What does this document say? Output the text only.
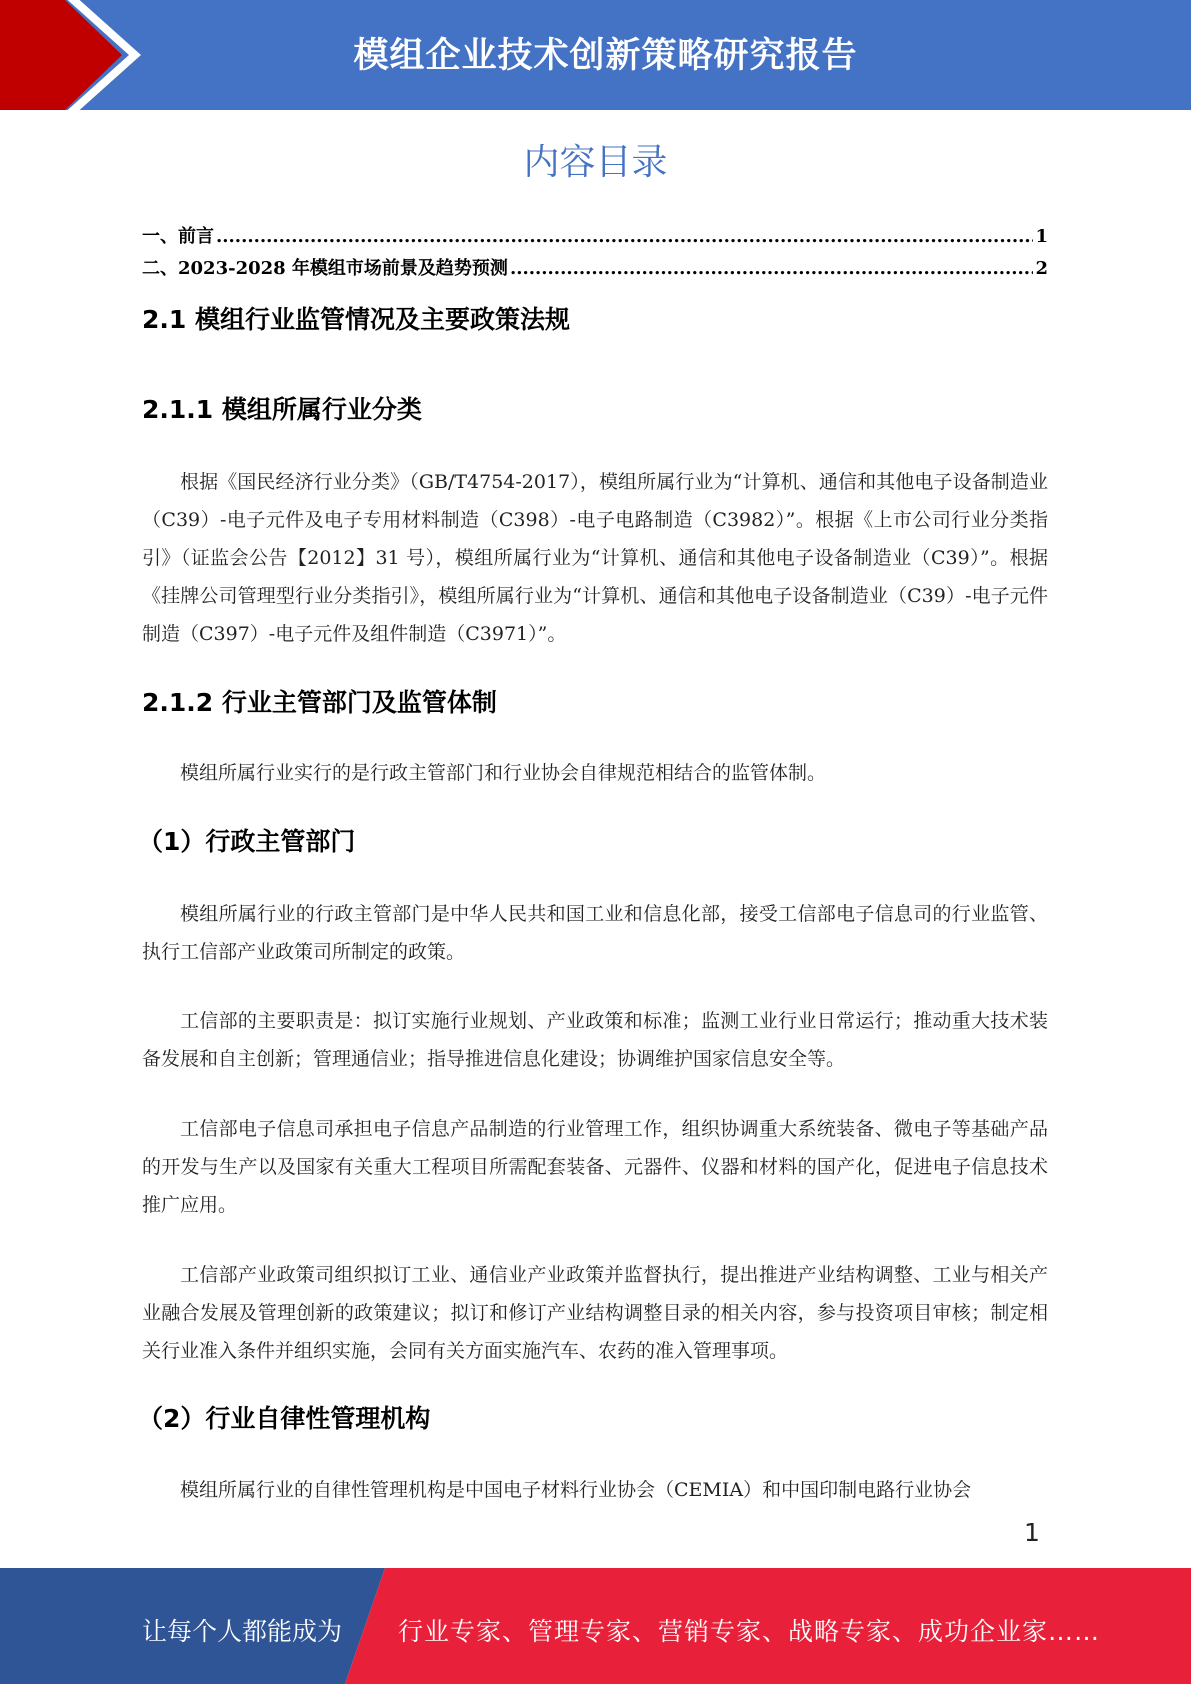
模组企业技术创新策略研究报告
内容目录
一、前言 .....	1
二、2023-2028 年模组市场前景及趋势预测 .....	2
2.1 模组行业监管情况及主要政策法规
2.1.1 模组所属行业分类
根据《国民经济行业分类》（GB/T4754-2017），模组所属行业为“计算机、通信和其他电子设备制造业（C39）-电子元件及电子专用材料制造（C398）-电子电路制造（C3982）”。根据《上市公司行业分类指引》（证监会公告【2012】31 号），模组所属行业为“计算机、通信和其他电子设备制造业（C39）”。根据《挂牌公司管理型行业分类指引》，模组所属行业为“计算机、通信和其他电子设备制造业（C39）-电子元件制造（C397）-电子元件及组件制造（C3971）”。
2.1.2 行业主管部门及监管体制
模组所属行业实行的是行政主管部门和行业协会自律规范相结合的监管体制。
（1）行政主管部门
模组所属行业的行政主管部门是中华人民共和国工业和信息化部，接受工信部电子信息司的行业监管、执行工信部产业政策司所制定的政策。
工信部的主要职责是：拟订实施行业规划、产业政策和标准；监测工业行业日常运行；推动重大技术装备发展和自主创新；管理通信业；指导推进信息化建设；协调维护国家信息安全等。
工信部电子信息司承担电子信息产品制造的行业管理工作，组织协调重大系统装备、微电子等基础产品的开发与生产以及国家有关重大工程项目所需配套装备、元器件、仪器和材料的国产化，促进电子信息技术推广应用。
工信部产业政策司组织拟订工业、通信业产业政策并监督执行，提出推进产业结构调整、工业与相关产业融合发展及管理创新的政策建议；拟订和修订产业结构调整目录的相关内容，参与投资项目审核；制定相关行业准入条件并组织实施，会同有关方面实施汽车、农药的准入管理事项。
（2）行业自律性管理机构
模组所属行业的自律性管理机构是中国电子材料行业协会（CEMIA）和中国印制电路行业协会
1
让每个人都能成为 行业专家、管理专家、营销专家、战略专家、成功企业家……
